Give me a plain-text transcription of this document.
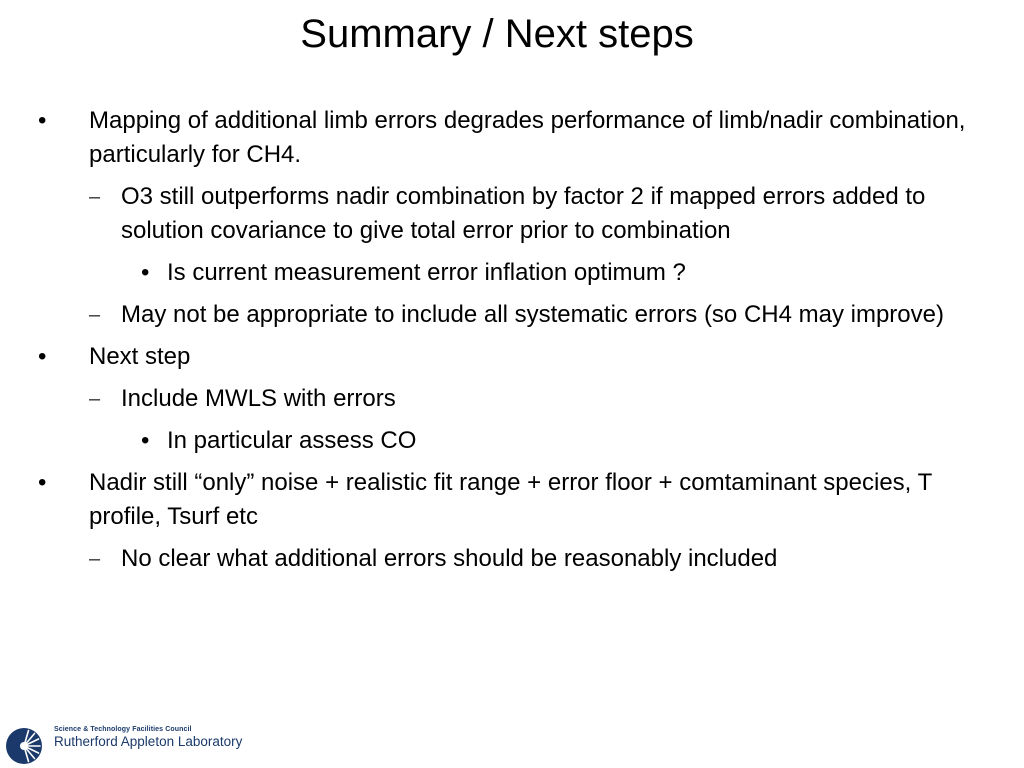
Summary / Next steps

• Mapping of additional limb errors degrades performance of limb/nadir combination, particularly for CH4.

– O3 still outperforms nadir combination by factor 2 if mapped errors added to solution covariance to give total error prior to combination

• Is current measurement error inflation optimum ?

– May not be appropriate to include all systematic errors (so CH4 may improve)

• Next step

– Include MWLS with errors

• In particular assess CO

• Nadir still “only” noise + realistic fit range + error floor + comtaminant species, T profile, Tsurf etc

– No clear what additional errors should be reasonably included

Science & Technology Facilities Council
Rutherford Appleton Laboratory
